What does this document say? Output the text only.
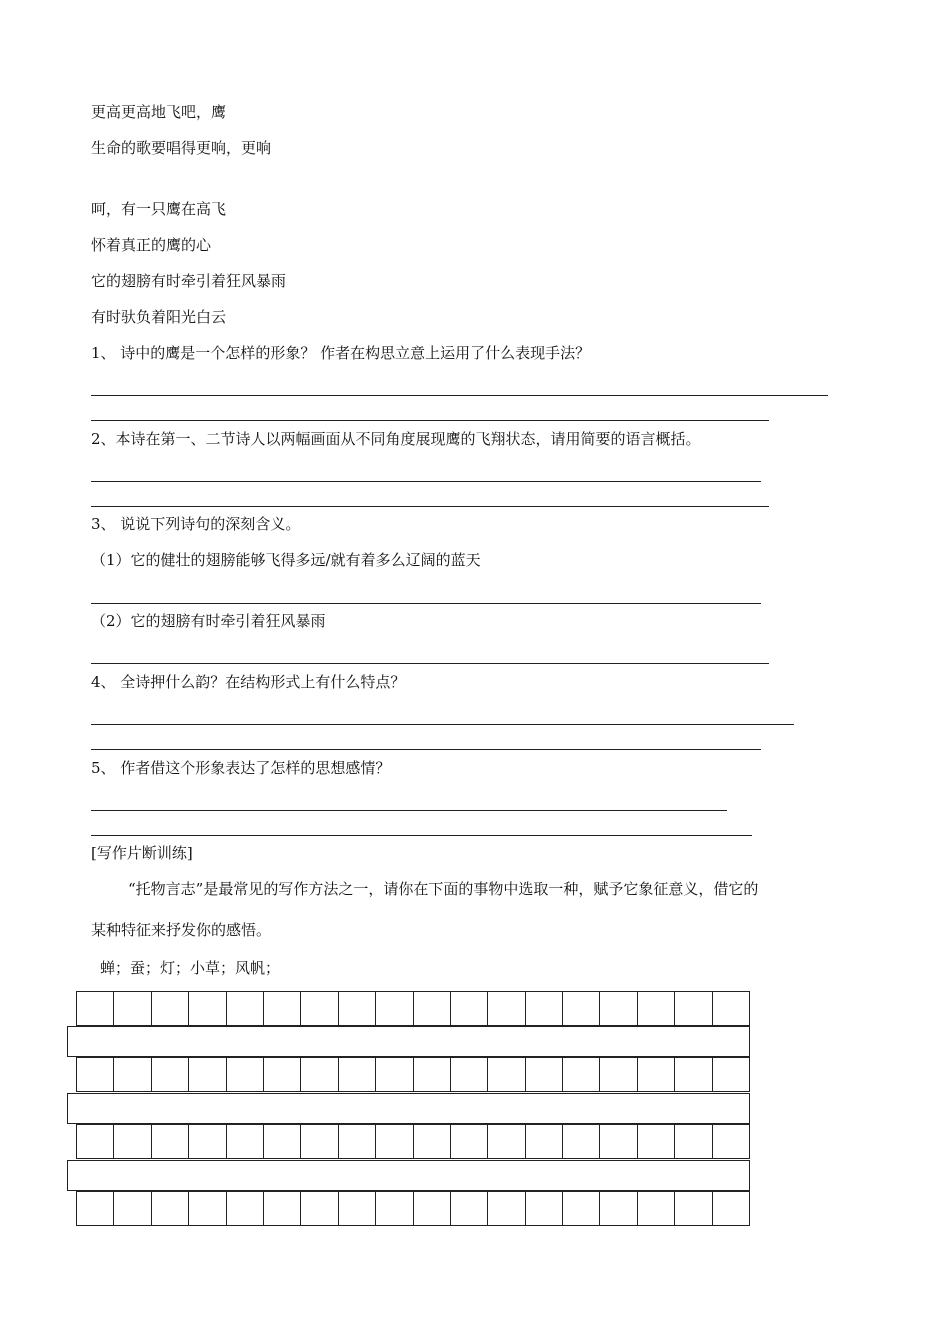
更高更高地飞吧，鹰
生命的歌要唱得更响，更响
呵，有一只鹰在高飞
怀着真正的鹰的心
它的翅膀有时牵引着狂风暴雨
有时驮负着阳光白云
1、 诗中的鹰是一个怎样的形象？ 作者在构思立意上运用了什么表现手法？
2、本诗在第一、二节诗人以两幅画面从不同角度展现鹰的飞翔状态，请用简要的语言概括。
3、 说说下列诗句的深刻含义。
（1）它的健壮的翅膀能够飞得多远/就有着多么辽阔的蓝天
（2）它的翅膀有时牵引着狂风暴雨
4、 全诗押什么韵？在结构形式上有什么特点？
5、 作者借这个形象表达了怎样的思想感情？
[写作片断训练]
“托物言志”是最常见的写作方法之一，请你在下面的事物中选取一种，赋予它象征意义，借它的
某种特征来抒发你的感悟。
蝉；蚕；灯；小草；风帆；
